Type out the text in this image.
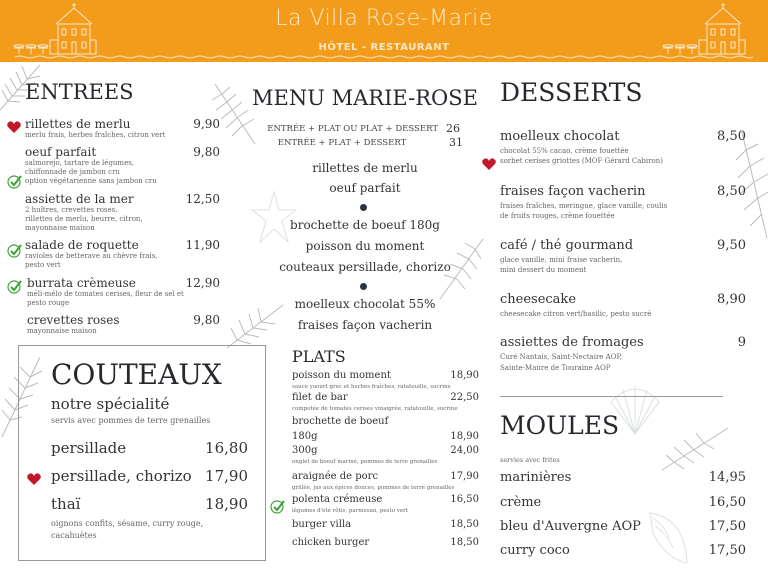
La Villa Rose-Marie
HÔTEL - RESTAURANT
ENTREES
rillettes de merlu	9,90
merlu frais, herbes fraîches, citron vert
oeuf parfait	9,80
salmorejo, tartare de légumes,
chiffonnade de jambon cru
option végétarienne sans jambon cru
assiette de la mer	12,50
2 huîtres, crevettes roses,
rillettes de merlu, beurre, citron,
mayonnaise maison
salade de roquette	11,90
ravioles de betterave au chèvre frais,
pesto vert
burrata crèmeuse	12,90
méli-mélo de tomates cerises, fleur de sel et
pesto rouge
crevettes roses	9,80
mayonnaise maison
COUTEAUX
notre spécialité
servis avec pommes de terre grenailles
persillade	16,80
persillade, chorizo 17,90
thaï	18,90
oignons confits, sésame, curry rouge,
cacahuètes
MENU MARIE-ROSE
ENTRÉE + PLAT OU PLAT + DESSERT 26
ENTRÉE + PLAT + DESSERT	31
rillettes de merlu
oeuf parfait
brochette de boeuf 180g
poisson du moment
couteaux persillade, chorizo
moelleux chocolat 55%
fraises façon vacherin
PLATS
poisson du moment	18,90
sauce yaourt grec et herbes fraîches, ratatouille, sucrine
filet de bar	22,50
compotée de tomates cerises vinaigrée, ratatouille, sucrine
brochette de boeuf
180g	18,90
300g	24,00
onglet de boeuf mariné, pommes de terre grenailles
araignée de porc	17,90
grillée, jus aux épices douces, pommes de terre grenailles
polenta crémeuse	16,50
légumes d'été rôtis, parmesan, pesto vert
burger villa	18,50
chicken burger	18,50
DESSERTS
moelleux chocolat	8,50
chocolat 55% cacao, crème fouettée
sorbet cerises griottes (MOF Gérard Cabiron)
fraises façon vacherin	8,50
fraises fraîches, meringue, glace vanille, coulis
de fruits rouges, crème fouettée
café / thé gourmand	9,50
glace vanille, mini fraise vacherin,
mini dessert du moment
cheesecake	8,90
cheesecake citron vert/basilic, pesto sucré
assiettes de fromages	9
Curé Nantais, Saint-Nectaire AOP,
Sainte-Maure de Touraine AOP
MOULES
servies avec frites
marinières	14,95
crème	16,50
bleu d'Auvergne AOP	17,50
curry coco	17,50
